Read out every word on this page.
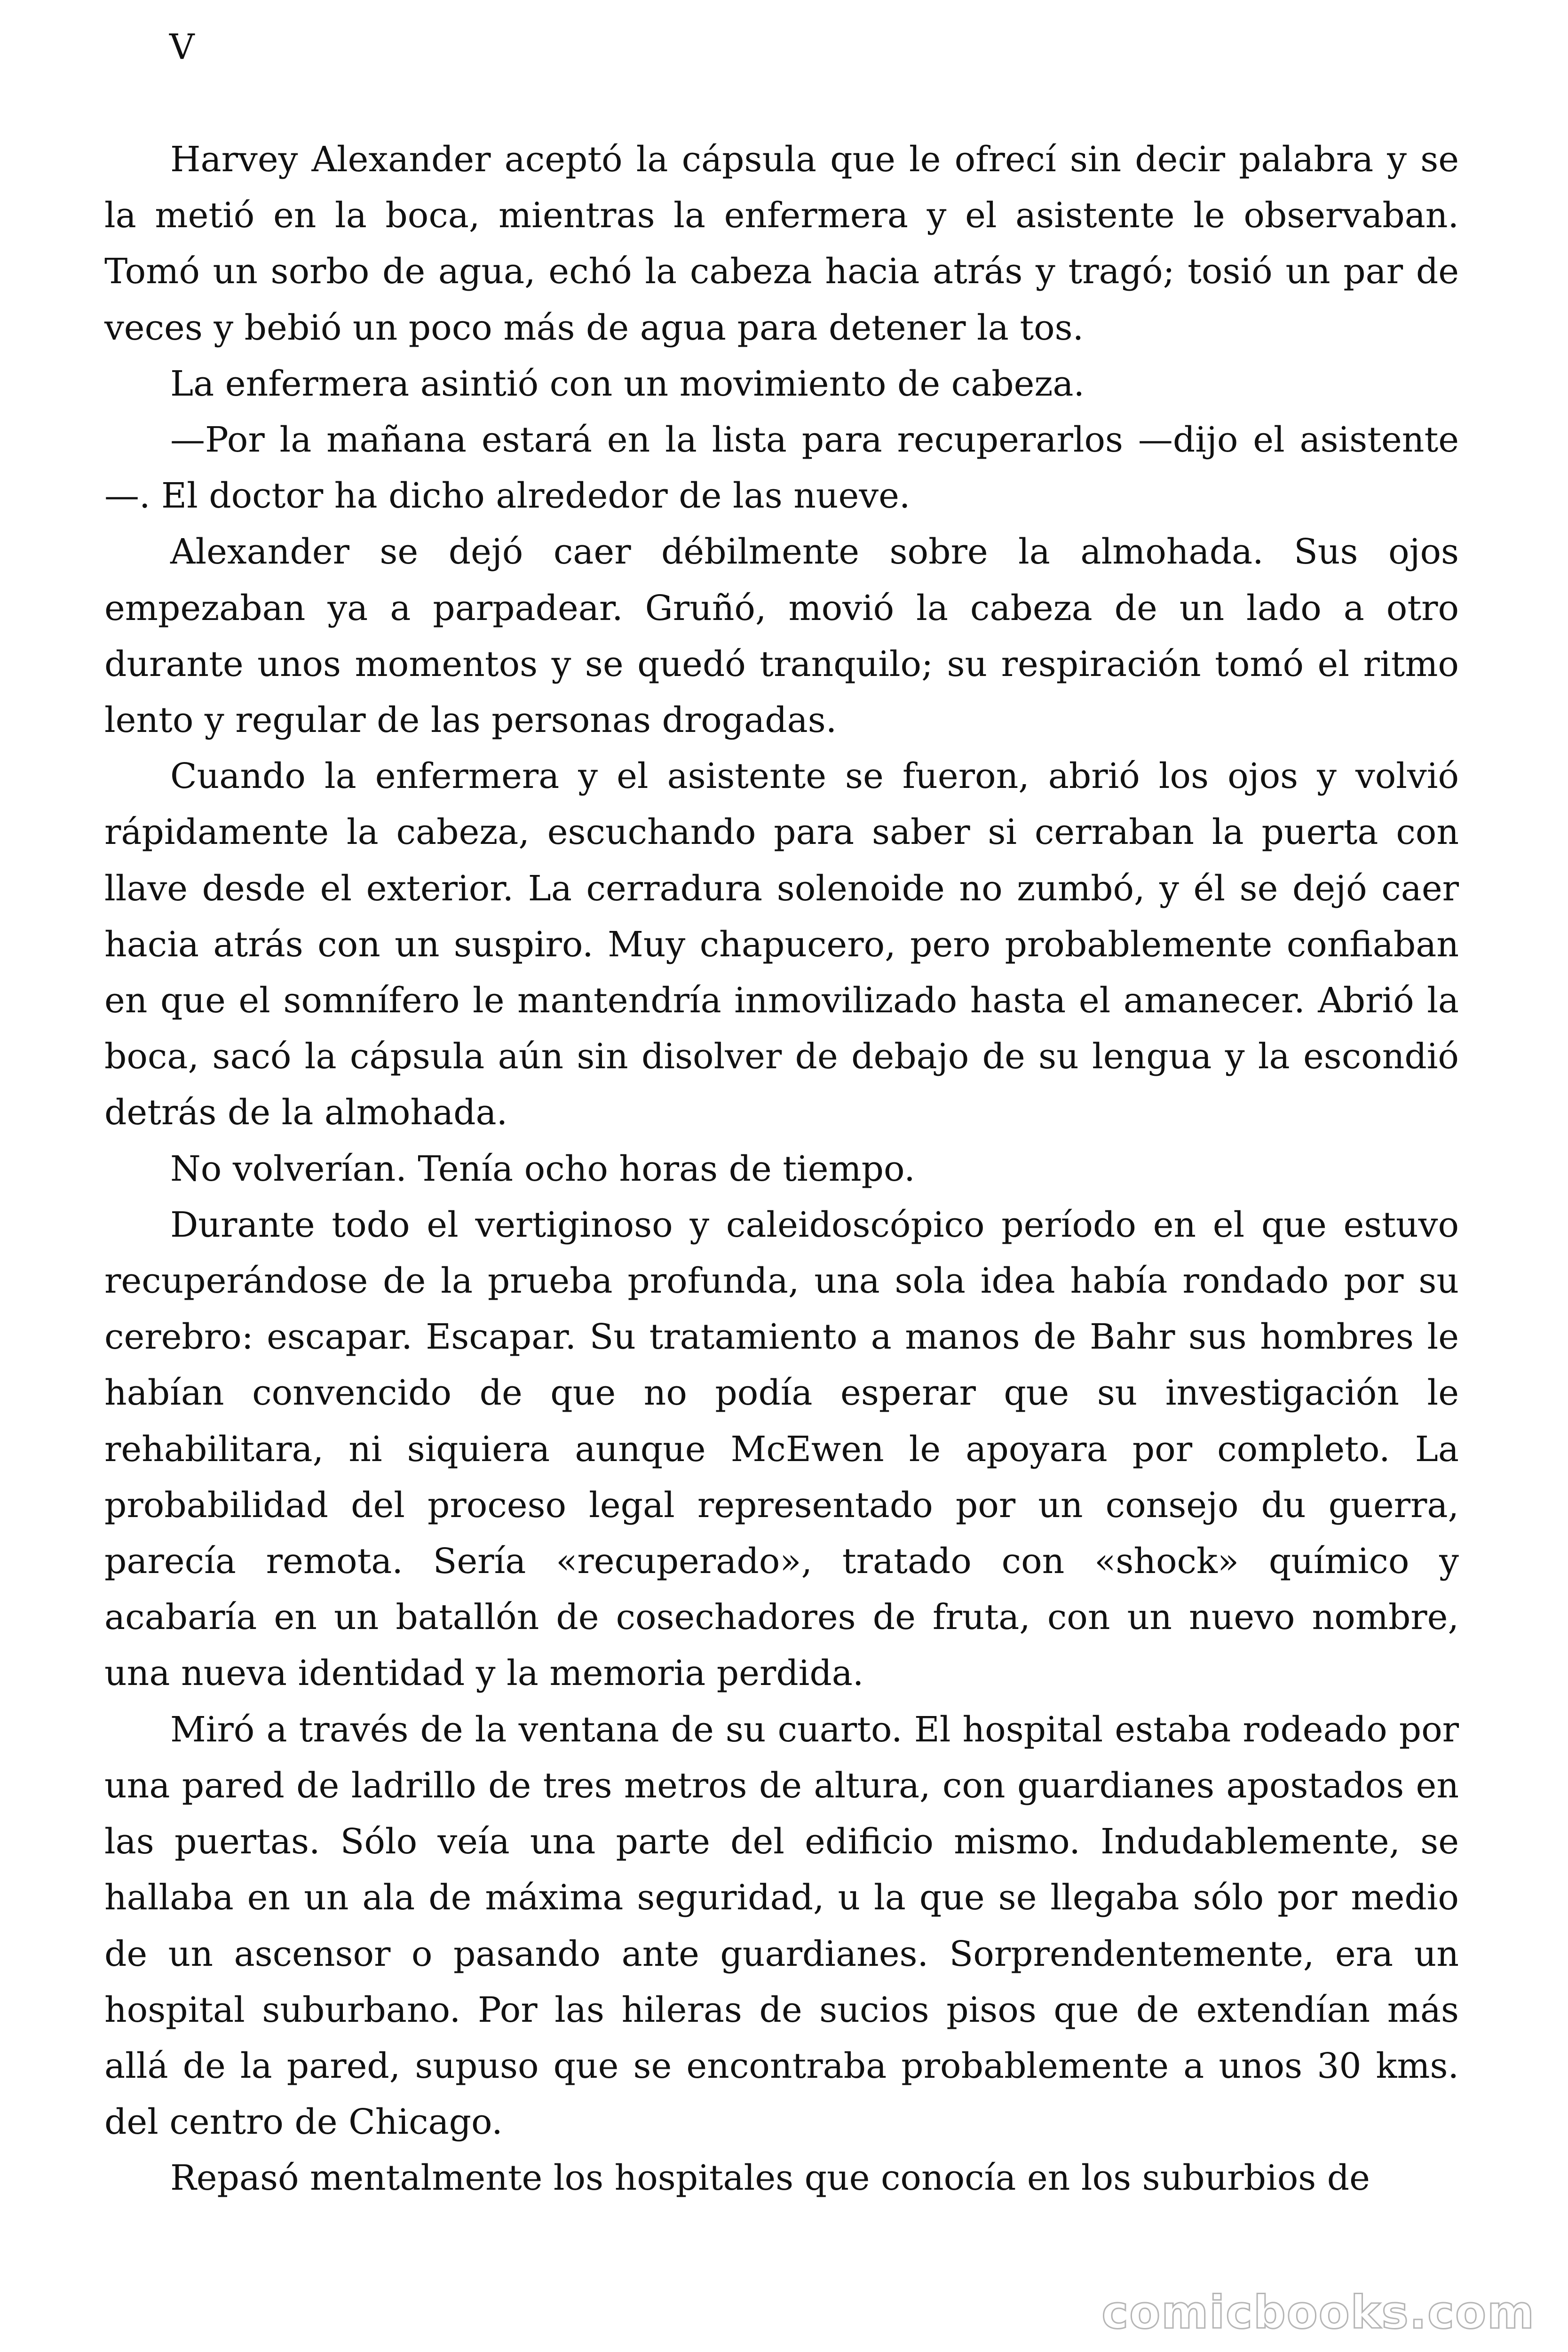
V

Harvey Alexander aceptó la cápsula que le ofrecí sin decir palabra y se la metió en la boca, mientras la enfermera y el asistente le observaban. Tomó un sorbo de agua, echó la cabeza hacia atrás y tragó; tosió un par de veces y bebió un poco más de agua para detener la tos.

La enfermera asintió con un movimiento de cabeza.

—Por la mañana estará en la lista para recuperarlos —dijo el asistente—. El doctor ha dicho alrededor de las nueve.

Alexander se dejó caer débilmente sobre la almohada. Sus ojos empezaban ya a parpadear. Gruñó, movió la cabeza de un lado a otro durante unos momentos y se quedó tranquilo; su respiración tomó el ritmo lento y regular de las personas drogadas.

Cuando la enfermera y el asistente se fueron, abrió los ojos y volvió rápidamente la cabeza, escuchando para saber si cerraban la puerta con llave desde el exterior. La cerradura solenoide no zumbó, y él se dejó caer hacia atrás con un suspiro. Muy chapucero, pero probablemente confiaban en que el somnífero le mantendría inmovilizado hasta el amanecer. Abrió la boca, sacó la cápsula aún sin disolver de debajo de su lengua y la escondió detrás de la almohada.

No volverían. Tenía ocho horas de tiempo.

Durante todo el vertiginoso y caleidoscópico período en el que estuvo recuperándose de la prueba profunda, una sola idea había rondado por su cerebro: escapar. Escapar. Su tratamiento a manos de Bahr sus hombres le habían convencido de que no podía esperar que su investigación le rehabilitara, ni siquiera aunque McEwen le apoyara por completo. La probabilidad del proceso legal representado por un consejo du guerra, parecía remota. Sería «recuperado», tratado con «shock» químico y acabaría en un batallón de cosechadores de fruta, con un nuevo nombre, una nueva identidad y la memoria perdida.

Miró a través de la ventana de su cuarto. El hospital estaba rodeado por una pared de ladrillo de tres metros de altura, con guardianes apostados en las puertas. Sólo veía una parte del edificio mismo. Indudablemente, se hallaba en un ala de máxima seguridad, u la que se llegaba sólo por medio de un ascensor o pasando ante guardianes. Sorprendentemente, era un hospital suburbano. Por las hileras de sucios pisos que de extendían más allá de la pared, supuso que se encontraba probablemente a unos 30 kms. del centro de Chicago.

Repasó mentalmente los hospitales que conocía en los suburbios de

comicbooks.com
